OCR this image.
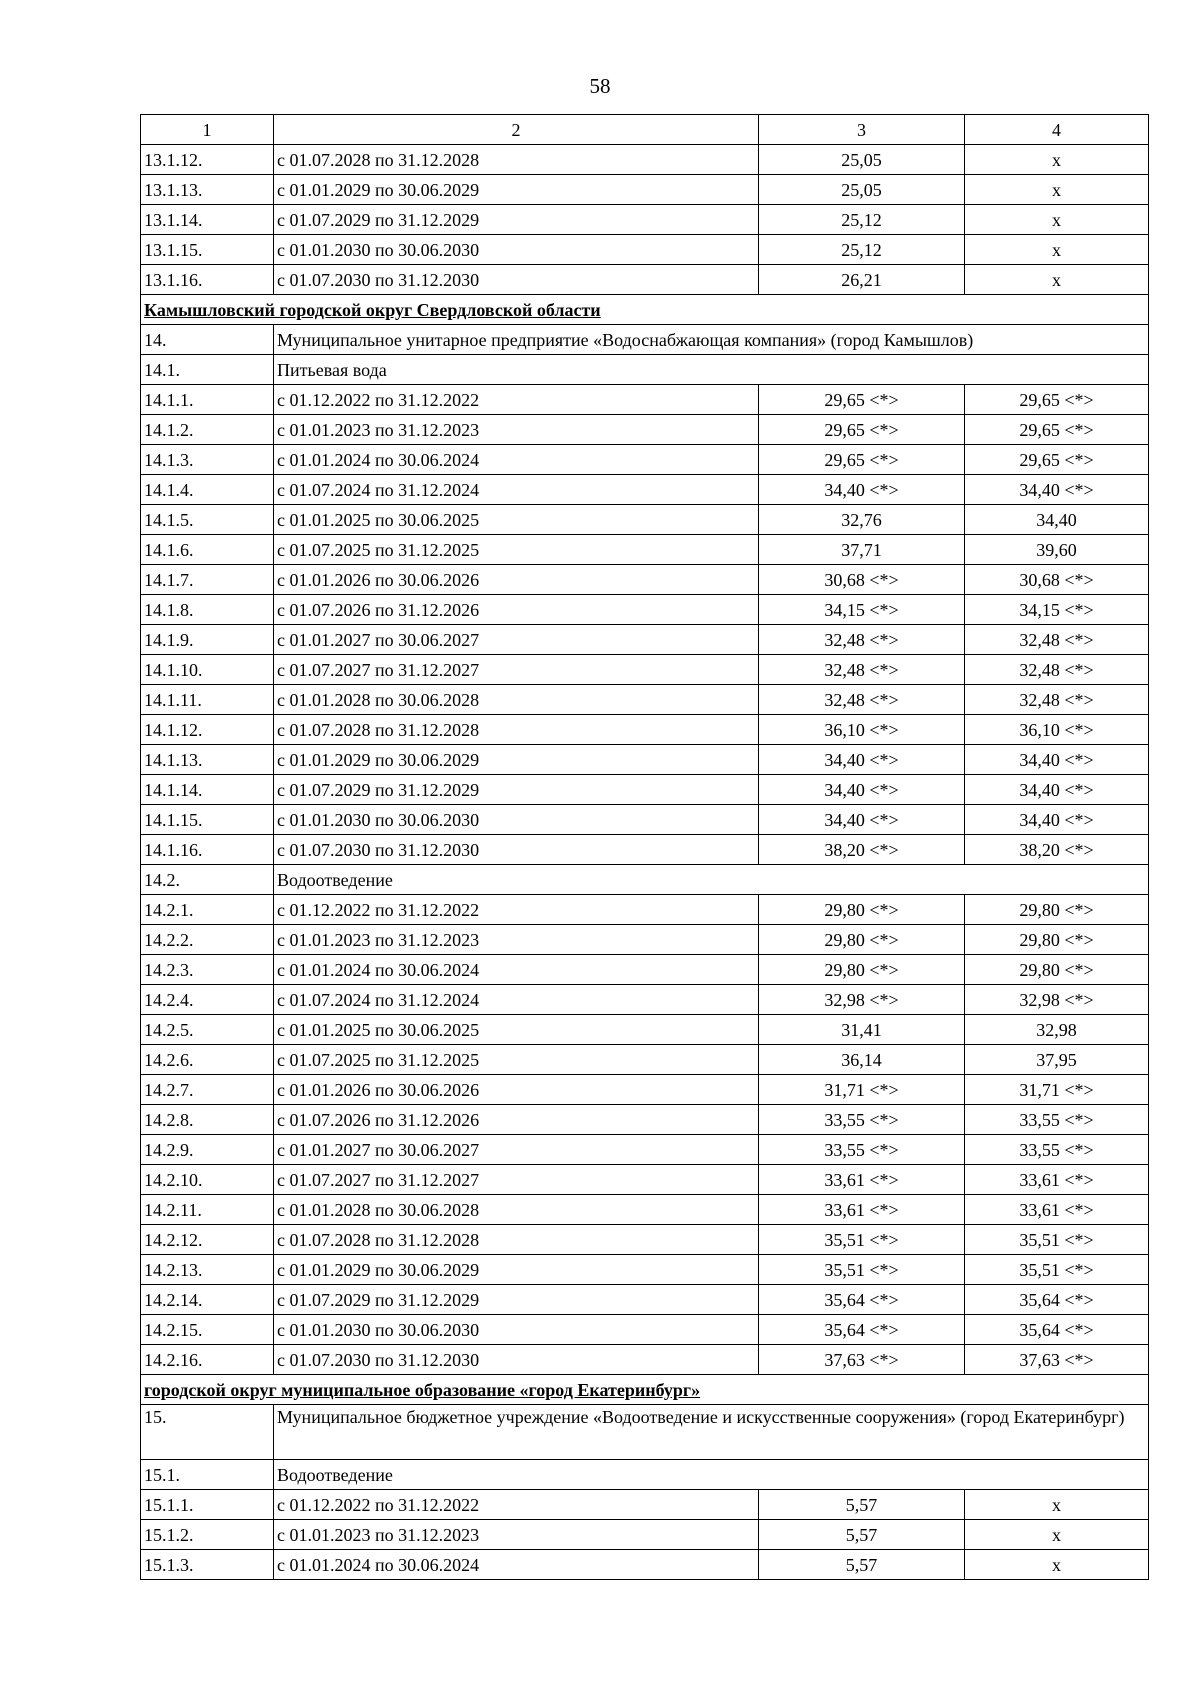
58
1	2	3	4
13.1.12.	с 01.07.2028 по 31.12.2028	25,05	х
13.1.13.	с 01.01.2029 по 30.06.2029	25,05	х
13.1.14.	с 01.07.2029 по 31.12.2029	25,12	х
13.1.15.	с 01.01.2030 по 30.06.2030	25,12	х
13.1.16.	с 01.07.2030 по 31.12.2030	26,21	х
Камышловский городской округ Свердловской области			
14.	Муниципальное унитарное предприятие «Водоснабжающая компания» (город Камышлов)		
14.1.	Питьевая вода		
14.1.1.	с 01.12.2022 по 31.12.2022	29,65 <*>	29,65 <*>
14.1.2.	с 01.01.2023 по 31.12.2023	29,65 <*>	29,65 <*>
14.1.3.	с 01.01.2024 по 30.06.2024	29,65 <*>	29,65 <*>
14.1.4.	с 01.07.2024 по 31.12.2024	34,40 <*>	34,40 <*>
14.1.5.	с 01.01.2025 по 30.06.2025	32,76	34,40
14.1.6.	с 01.07.2025 по 31.12.2025	37,71	39,60
14.1.7.	с 01.01.2026 по 30.06.2026	30,68 <*>	30,68 <*>
14.1.8.	с 01.07.2026 по 31.12.2026	34,15 <*>	34,15 <*>
14.1.9.	с 01.01.2027 по 30.06.2027	32,48 <*>	32,48 <*>
14.1.10.	с 01.07.2027 по 31.12.2027	32,48 <*>	32,48 <*>
14.1.11.	с 01.01.2028 по 30.06.2028	32,48 <*>	32,48 <*>
14.1.12.	с 01.07.2028 по 31.12.2028	36,10 <*>	36,10 <*>
14.1.13.	с 01.01.2029 по 30.06.2029	34,40 <*>	34,40 <*>
14.1.14.	с 01.07.2029 по 31.12.2029	34,40 <*>	34,40 <*>
14.1.15.	с 01.01.2030 по 30.06.2030	34,40 <*>	34,40 <*>
14.1.16.	с 01.07.2030 по 31.12.2030	38,20 <*>	38,20 <*>
14.2.	Водоотведение		
14.2.1.	с 01.12.2022 по 31.12.2022	29,80 <*>	29,80 <*>
14.2.2.	с 01.01.2023 по 31.12.2023	29,80 <*>	29,80 <*>
14.2.3.	с 01.01.2024 по 30.06.2024	29,80 <*>	29,80 <*>
14.2.4.	с 01.07.2024 по 31.12.2024	32,98 <*>	32,98 <*>
14.2.5.	с 01.01.2025 по 30.06.2025	31,41	32,98
14.2.6.	с 01.07.2025 по 31.12.2025	36,14	37,95
14.2.7.	с 01.01.2026 по 30.06.2026	31,71 <*>	31,71 <*>
14.2.8.	с 01.07.2026 по 31.12.2026	33,55 <*>	33,55 <*>
14.2.9.	с 01.01.2027 по 30.06.2027	33,55 <*>	33,55 <*>
14.2.10.	с 01.07.2027 по 31.12.2027	33,61 <*>	33,61 <*>
14.2.11.	с 01.01.2028 по 30.06.2028	33,61 <*>	33,61 <*>
14.2.12.	с 01.07.2028 по 31.12.2028	35,51 <*>	35,51 <*>
14.2.13.	с 01.01.2029 по 30.06.2029	35,51 <*>	35,51 <*>
14.2.14.	с 01.07.2029 по 31.12.2029	35,64 <*>	35,64 <*>
14.2.15.	с 01.01.2030 по 30.06.2030	35,64 <*>	35,64 <*>
14.2.16.	с 01.07.2030 по 31.12.2030	37,63 <*>	37,63 <*>
городской округ муниципальное образование «город Екатеринбург»			
15.	Муниципальное бюджетное учреждение «Водоотведение и искусственные сооружения» (город Екатеринбург)		
15.1.	Водоотведение		
15.1.1.	с 01.12.2022 по 31.12.2022	5,57	х
15.1.2.	с 01.01.2023 по 31.12.2023	5,57	х
15.1.3.	с 01.01.2024 по 30.06.2024	5,57	х
